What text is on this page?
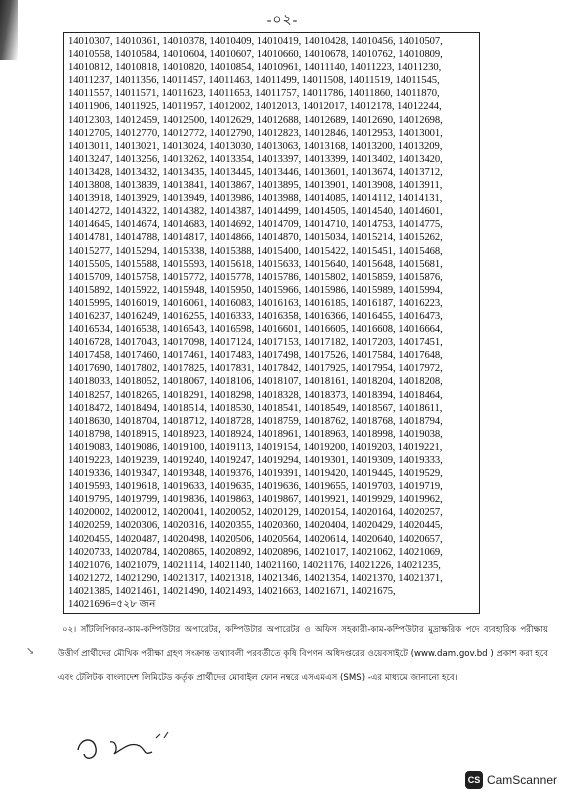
-০২-
14010307, 14010361, 14010378, 14010409, 14010419, 14010428, 14010456, 14010507,
14010558, 14010584, 14010604, 14010607, 14010660, 14010678, 14010762, 14010809,
14010812, 14010818, 14010820, 14010854, 14010961, 14011140, 14011223, 14011230,
14011237, 14011356, 14011457, 14011463, 14011499, 14011508, 14011519, 14011545,
14011557, 14011571, 14011623, 14011653, 14011757, 14011786, 14011860, 14011870,
14011906, 14011925, 14011957, 14012002, 14012013, 14012017, 14012178, 14012244,
14012303, 14012459, 14012500, 14012629, 14012688, 14012689, 14012690, 14012698,
14012705, 14012770, 14012772, 14012790, 14012823, 14012846, 14012953, 14013001,
14013011, 14013021, 14013024, 14013030, 14013063, 14013168, 14013200, 14013209,
14013247, 14013256, 14013262, 14013354, 14013397, 14013399, 14013402, 14013420,
14013428, 14013432, 14013435, 14013445, 14013446, 14013601, 14013674, 14013712,
14013808, 14013839, 14013841, 14013867, 14013895, 14013901, 14013908, 14013911,
14013918, 14013929, 14013949, 14013986, 14013988, 14014085, 14014112, 14014131,
14014272, 14014322, 14014382, 14014387, 14014499, 14014505, 14014540, 14014601,
14014645, 14014674, 14014683, 14014692, 14014709, 14014710, 14014753, 14014775,
14014781, 14014788, 14014817, 14014866, 14014870, 14015034, 14015214, 14015262,
14015277, 14015294, 14015338, 14015388, 14015400, 14015422, 14015451, 14015468,
14015505, 14015588, 14015593, 14015618, 14015633, 14015640, 14015648, 14015681,
14015709, 14015758, 14015772, 14015778, 14015786, 14015802, 14015859, 14015876,
14015892, 14015922, 14015948, 14015950, 14015966, 14015986, 14015989, 14015994,
14015995, 14016019, 14016061, 14016083, 14016163, 14016185, 14016187, 14016223,
14016237, 14016249, 14016255, 14016333, 14016358, 14016366, 14016455, 14016473,
14016534, 14016538, 14016543, 14016598, 14016601, 14016605, 14016608, 14016664,
14016728, 14017043, 14017098, 14017124, 14017153, 14017182, 14017203, 14017451,
14017458, 14017460, 14017461, 14017483, 14017498, 14017526, 14017584, 14017648,
14017690, 14017802, 14017825, 14017831, 14017842, 14017925, 14017954, 14017972,
14018033, 14018052, 14018067, 14018106, 14018107, 14018161, 14018204, 14018208,
14018257, 14018265, 14018291, 14018298, 14018328, 14018373, 14018394, 14018464,
14018472, 14018494, 14018514, 14018530, 14018541, 14018549, 14018567, 14018611,
14018630, 14018704, 14018712, 14018728, 14018759, 14018762, 14018768, 14018794,
14018798, 14018915, 14018923, 14018924, 14018961, 14018963, 14018998, 14019038,
14019083, 14019086, 14019100, 14019113, 14019154, 14019200, 14019203, 14019221,
14019223, 14019239, 14019240, 14019247, 14019294, 14019301, 14019309, 14019333,
14019336, 14019347, 14019348, 14019376, 14019391, 14019420, 14019445, 14019529,
14019593, 14019618, 14019633, 14019635, 14019636, 14019655, 14019703, 14019719,
14019795, 14019799, 14019836, 14019863, 14019867, 14019921, 14019929, 14019962,
14020002, 14020012, 14020041, 14020052, 14020129, 14020154, 14020164, 14020257,
14020259, 14020306, 14020316, 14020355, 14020360, 14020404, 14020429, 14020445,
14020455, 14020487, 14020498, 14020506, 14020564, 14020614, 14020640, 14020657,
14020733, 14020784, 14020865, 14020892, 14020896, 14021017, 14021062, 14021069,
14021076, 14021079, 14021114, 14021140, 14021160, 14021176, 14021226, 14021235,
14021272, 14021290, 14021317, 14021318, 14021346, 14021354, 14021370, 14021371,
14021385, 14021461, 14021490, 14021493, 14021663, 14021671, 14021675,
14021696=৫২৮ জন
↘
০২। সাঁটলিপিকার-কাম-কম্পিউটার অপারেটর, কম্পিউটার অপারেটর ও অফিস সহকারী-কাম-কম্পিউটার মুদ্রাক্ষরিক পদে ব্যবহারিক পরীক্ষায় উত্তীর্ণ প্রার্থীদের মৌখিক পরীক্ষা গ্রহণ সংক্রান্ত তথ্যাবলী পরবর্তীতে কৃষি বিপণন অধিদপ্তরের ওয়েবসাইটে (www.dam.gov.bd ) প্রকাশ করা হবে এবং টেলিটক বাংলাদেশ লিমিটেড কর্তৃক প্রার্থীদের মোবাইল ফোন নম্বরে এসএমএস (SMS) -এর মাধ্যমে জানানো হবে।
CS CamScanner
